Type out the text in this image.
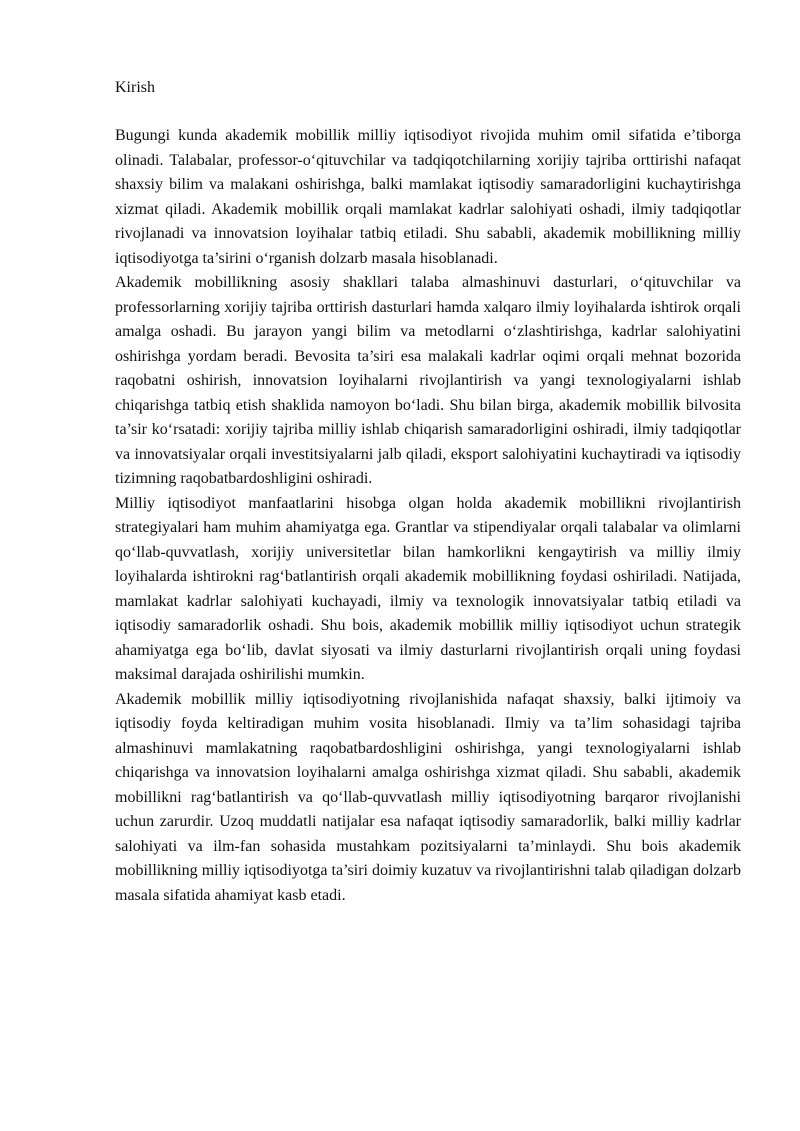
Kirish

Bugungi kunda akademik mobillik milliy iqtisodiyot rivojida muhim omil sifatida e’tiborga olinadi. Talabalar, professor-o‘qituvchilar va tadqiqotchilarning xorijiy tajriba orttirishi nafaqat shaxsiy bilim va malakani oshirishga, balki mamlakat iqtisodiy samaradorligini kuchaytirishga xizmat qiladi. Akademik mobillik orqali mamlakat kadrlar salohiyati oshadi, ilmiy tadqiqotlar rivojlanadi va innovatsion loyihalar tatbiq etiladi. Shu sababli, akademik mobillikning milliy iqtisodiyotga ta’sirini o‘rganish dolzarb masala hisoblanadi.

Akademik mobillikning asosiy shakllari talaba almashinuvi dasturlari, o‘qituvchilar va professorlarning xorijiy tajriba orttirish dasturlari hamda xalqaro ilmiy loyihalarda ishtirok orqali amalga oshadi. Bu jarayon yangi bilim va metodlarni o‘zlashtirishga, kadrlar salohiyatini oshirishga yordam beradi. Bevosita ta’siri esa malakali kadrlar oqimi orqali mehnat bozorida raqobatni oshirish, innovatsion loyihalarni rivojlantirish va yangi texnologiyalarni ishlab chiqarishga tatbiq etish shaklida namoyon bo‘ladi. Shu bilan birga, akademik mobillik bilvosita ta’sir ko‘rsatadi: xorijiy tajriba milliy ishlab chiqarish samaradorligini oshiradi, ilmiy tadqiqotlar va innovatsiyalar orqali investitsiyalarni jalb qiladi, eksport salohiyatini kuchaytiradi va iqtisodiy tizimning raqobatbardoshligini oshiradi.

Milliy iqtisodiyot manfaatlarini hisobga olgan holda akademik mobillikni rivojlantirish strategiyalari ham muhim ahamiyatga ega. Grantlar va stipendiyalar orqali talabalar va olimlarni qo‘llab-quvvatlash, xorijiy universitetlar bilan hamkorlikni kengaytirish va milliy ilmiy loyihalarda ishtirokni rag‘batlantirish orqali akademik mobillikning foydasi oshiriladi. Natijada, mamlakat kadrlar salohiyati kuchayadi, ilmiy va texnologik innovatsiyalar tatbiq etiladi va iqtisodiy samaradorlik oshadi. Shu bois, akademik mobillik milliy iqtisodiyot uchun strategik ahamiyatga ega bo‘lib, davlat siyosati va ilmiy dasturlarni rivojlantirish orqali uning foydasi maksimal darajada oshirilishi mumkin.

Akademik mobillik milliy iqtisodiyotning rivojlanishida nafaqat shaxsiy, balki ijtimoiy va iqtisodiy foyda keltiradigan muhim vosita hisoblanadi. Ilmiy va ta’lim sohasidagi tajriba almashinuvi mamlakatning raqobatbardoshligini oshirishga, yangi texnologiyalarni ishlab chiqarishga va innovatsion loyihalarni amalga oshirishga xizmat qiladi. Shu sababli, akademik mobillikni rag‘batlantirish va qo‘llab-quvvatlash milliy iqtisodiyotning barqaror rivojlanishi uchun zarurdir. Uzoq muddatli natijalar esa nafaqat iqtisodiy samaradorlik, balki milliy kadrlar salohiyati va ilm-fan sohasida mustahkam pozitsiyalarni ta’minlaydi. Shu bois akademik mobillikning milliy iqtisodiyotga ta’siri doimiy kuzatuv va rivojlantirishni talab qiladigan dolzarb masala sifatida ahamiyat kasb etadi.
